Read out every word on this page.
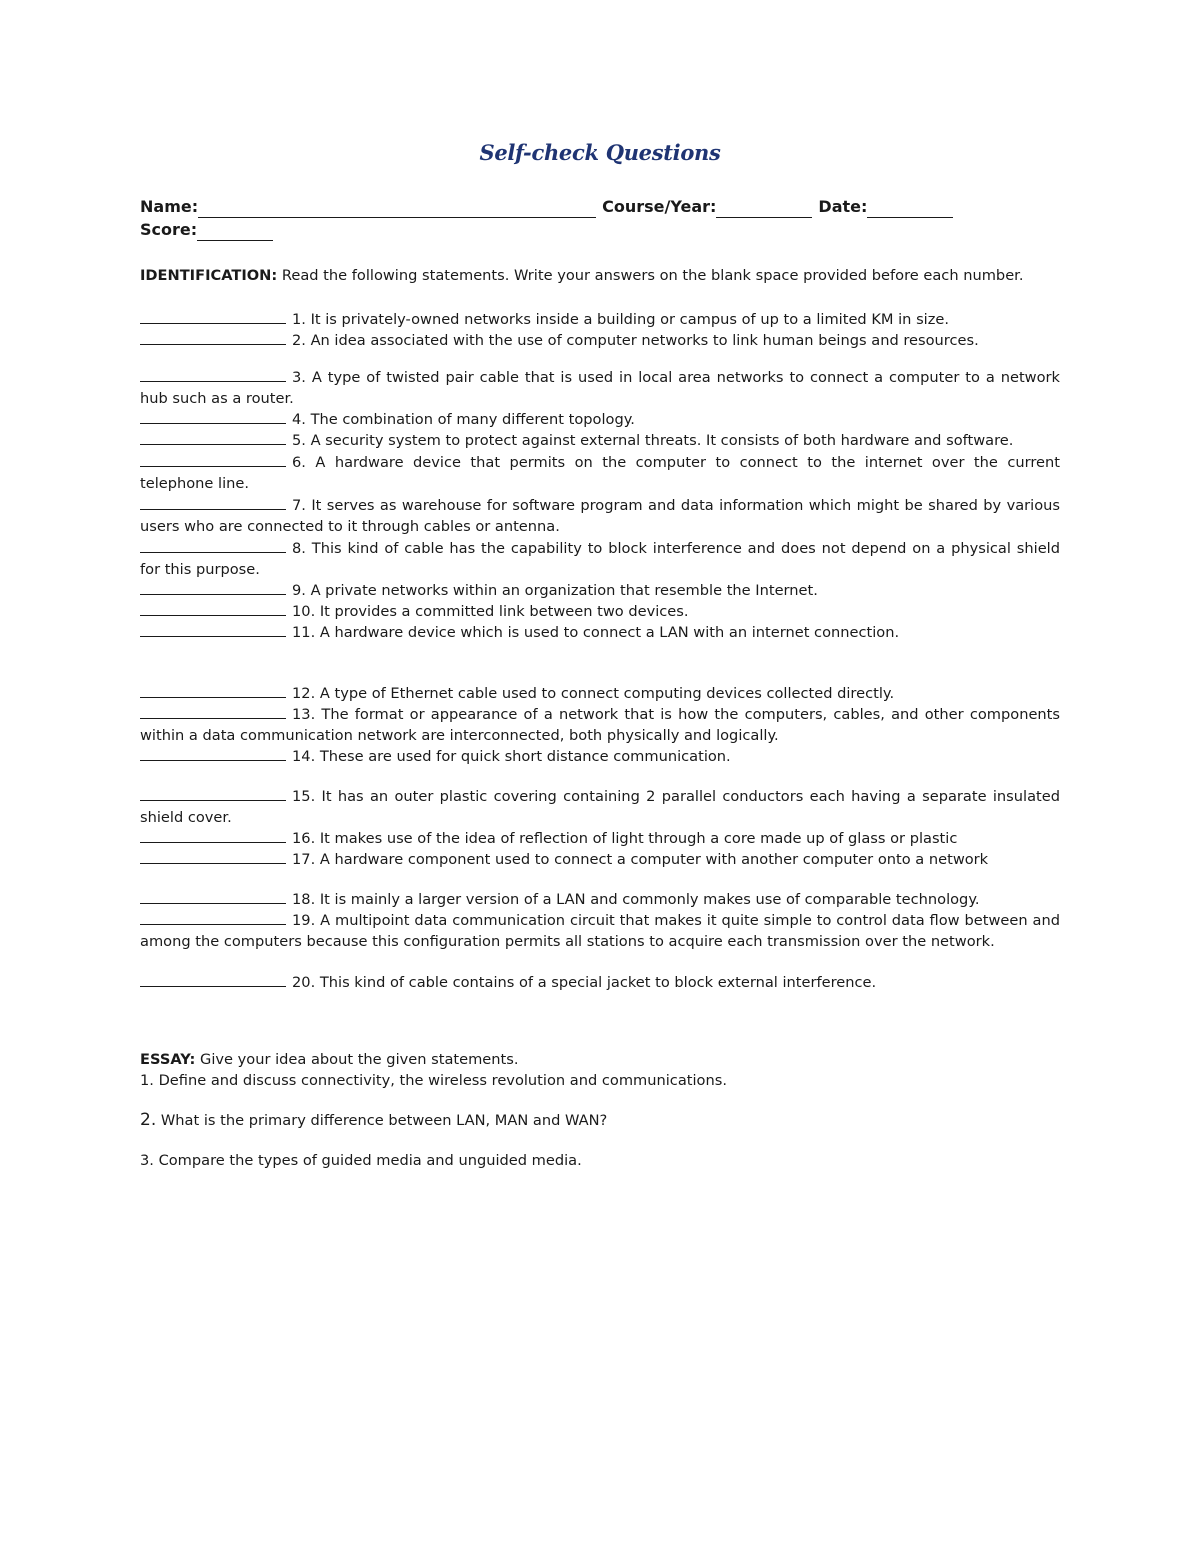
Self-check Questions
Name:	Course/Year:	Date:
Score:
IDENTIFICATION: Read the following statements. Write your answers on the blank space provided before each number.
1. It is privately-owned networks inside a building or campus of up to a limited KM in size.
2. An idea associated with the use of computer networks to link human beings and resources.
3. A type of twisted pair cable that is used in local area networks to connect a computer to a network hub such as a router.
4. The combination of many different topology.
5. A security system to protect against external threats. It consists of both hardware and software.
6. A hardware device that permits on the computer to connect to the internet over the current telephone line.
7. It serves as warehouse for software program and data information which might be shared by various users who are connected to it through cables or antenna.
8. This kind of cable has the capability to block interference and does not depend on a physical shield for this purpose.
9. A private networks within an organization that resemble the Internet.
10. It provides a committed link between two devices.
11. A hardware device which is used to connect a LAN with an internet connection.
12. A type of Ethernet cable used to connect computing devices collected directly.
13. The format or appearance of a network that is how the computers, cables, and other components within a data communication network are interconnected, both physically and logically.
14. These are used for quick short distance communication.
15. It has an outer plastic covering containing 2 parallel conductors each having a separate insulated shield cover.
16. It makes use of the idea of reflection of light through a core made up of glass or plastic
17. A hardware component used to connect a computer with another computer onto a network
18. It is mainly a larger version of a LAN and commonly makes use of comparable technology.
19. A multipoint data communication circuit that makes it quite simple to control data flow between and among the computers because this configuration permits all stations to acquire each transmission over the network.
20. This kind of cable contains of a special jacket to block external interference.
ESSAY: Give your idea about the given statements.
1. Define and discuss connectivity, the wireless revolution and communications.
2. What is the primary difference between LAN, MAN and WAN?
3. Compare the types of guided media and unguided media.
